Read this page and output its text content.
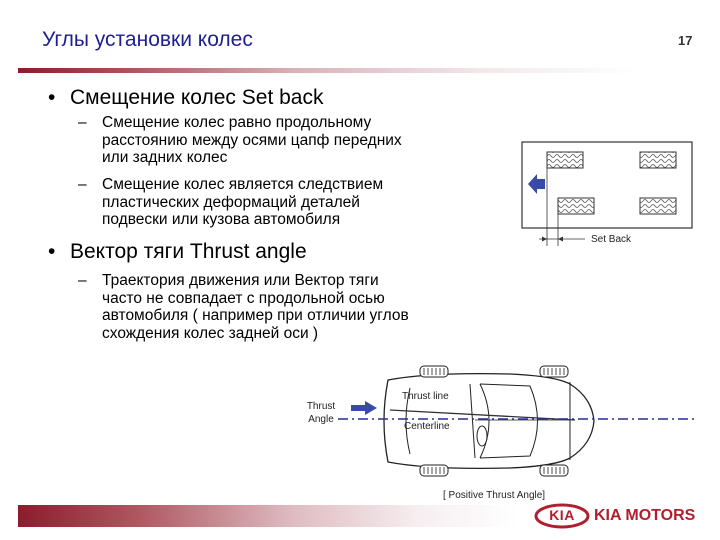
Углы установки колес	17
• Смещение колес Set back
– Смещение колес равно продольному
расстоянию между осями цапф передних
или задних колес
– Смещение колес является следствием
пластических деформаций деталей
подвески или кузова автомобиля
• Вектор тяги Thrust angle
– Траектория движения или Вектор тяги
часто не совпадает с продольной осью
автомобиля ( например при отличии углов
схождения колес задней оси )
Set Back
Thrust
Angle
Thrust line
Centerline
[ Positive Thrust Angle]
KIA	KIA MOTORS
